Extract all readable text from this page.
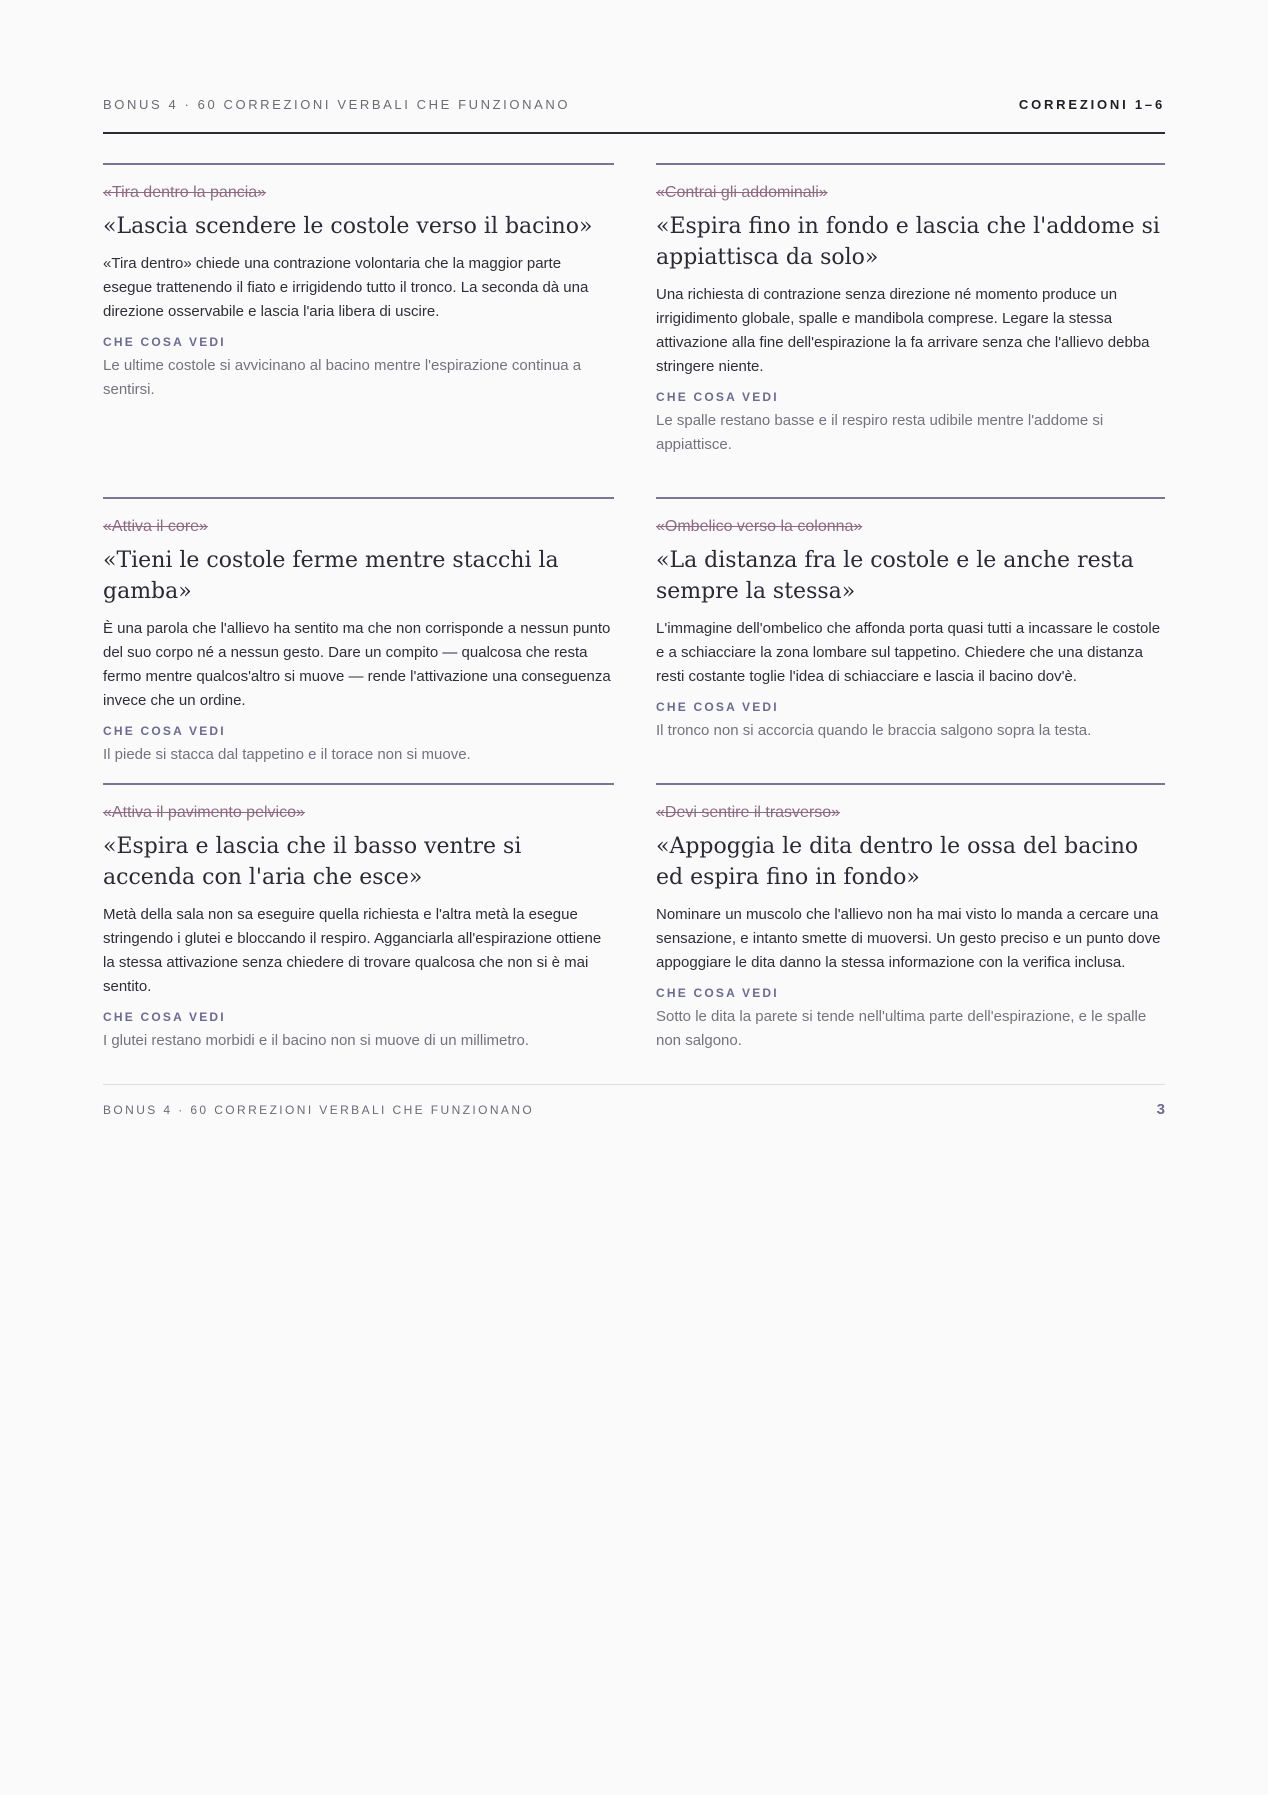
BONUS 4 · 60 CORREZIONI VERBALI CHE FUNZIONANO	CORREZIONI 1–6
«Tira dentro la pancia»
«Lascia scendere le costole verso il bacino»
«Tira dentro» chiede una contrazione volontaria che la maggior parte esegue trattenendo il fiato e irrigidendo tutto il tronco. La seconda dà una direzione osservabile e lascia l'aria libera di uscire.
CHE COSA VEDI
Le ultime costole si avvicinano al bacino mentre l'espirazione continua a sentirsi.
«Contrai gli addominali»
«Espira fino in fondo e lascia che l'addome si appiattisca da solo»
Una richiesta di contrazione senza direzione né momento produce un irrigidimento globale, spalle e mandibola comprese. Legare la stessa attivazione alla fine dell'espirazione la fa arrivare senza che l'allievo debba stringere niente.
CHE COSA VEDI
Le spalle restano basse e il respiro resta udibile mentre l'addome si appiattisce.
«Attiva il core»
«Tieni le costole ferme mentre stacchi la gamba»
È una parola che l'allievo ha sentito ma che non corrisponde a nessun punto del suo corpo né a nessun gesto. Dare un compito — qualcosa che resta fermo mentre qualcos'altro si muove — rende l'attivazione una conseguenza invece che un ordine.
CHE COSA VEDI
Il piede si stacca dal tappetino e il torace non si muove.
«Ombelico verso la colonna»
«La distanza fra le costole e le anche resta sempre la stessa»
L'immagine dell'ombelico che affonda porta quasi tutti a incassare le costole e a schiacciare la zona lombare sul tappetino. Chiedere che una distanza resti costante toglie l'idea di schiacciare e lascia il bacino dov'è.
CHE COSA VEDI
Il tronco non si accorcia quando le braccia salgono sopra la testa.
«Attiva il pavimento pelvico»
«Espira e lascia che il basso ventre si accenda con l'aria che esce»
Metà della sala non sa eseguire quella richiesta e l'altra metà la esegue stringendo i glutei e bloccando il respiro. Agganciarla all'espirazione ottiene la stessa attivazione senza chiedere di trovare qualcosa che non si è mai sentito.
CHE COSA VEDI
I glutei restano morbidi e il bacino non si muove di un millimetro.
«Devi sentire il trasverso»
«Appoggia le dita dentro le ossa del bacino ed espira fino in fondo»
Nominare un muscolo che l'allievo non ha mai visto lo manda a cercare una sensazione, e intanto smette di muoversi. Un gesto preciso e un punto dove appoggiare le dita danno la stessa informazione con la verifica inclusa.
CHE COSA VEDI
Sotto le dita la parete si tende nell'ultima parte dell'espirazione, e le spalle non salgono.
BONUS 4 · 60 CORREZIONI VERBALI CHE FUNZIONANO	3
